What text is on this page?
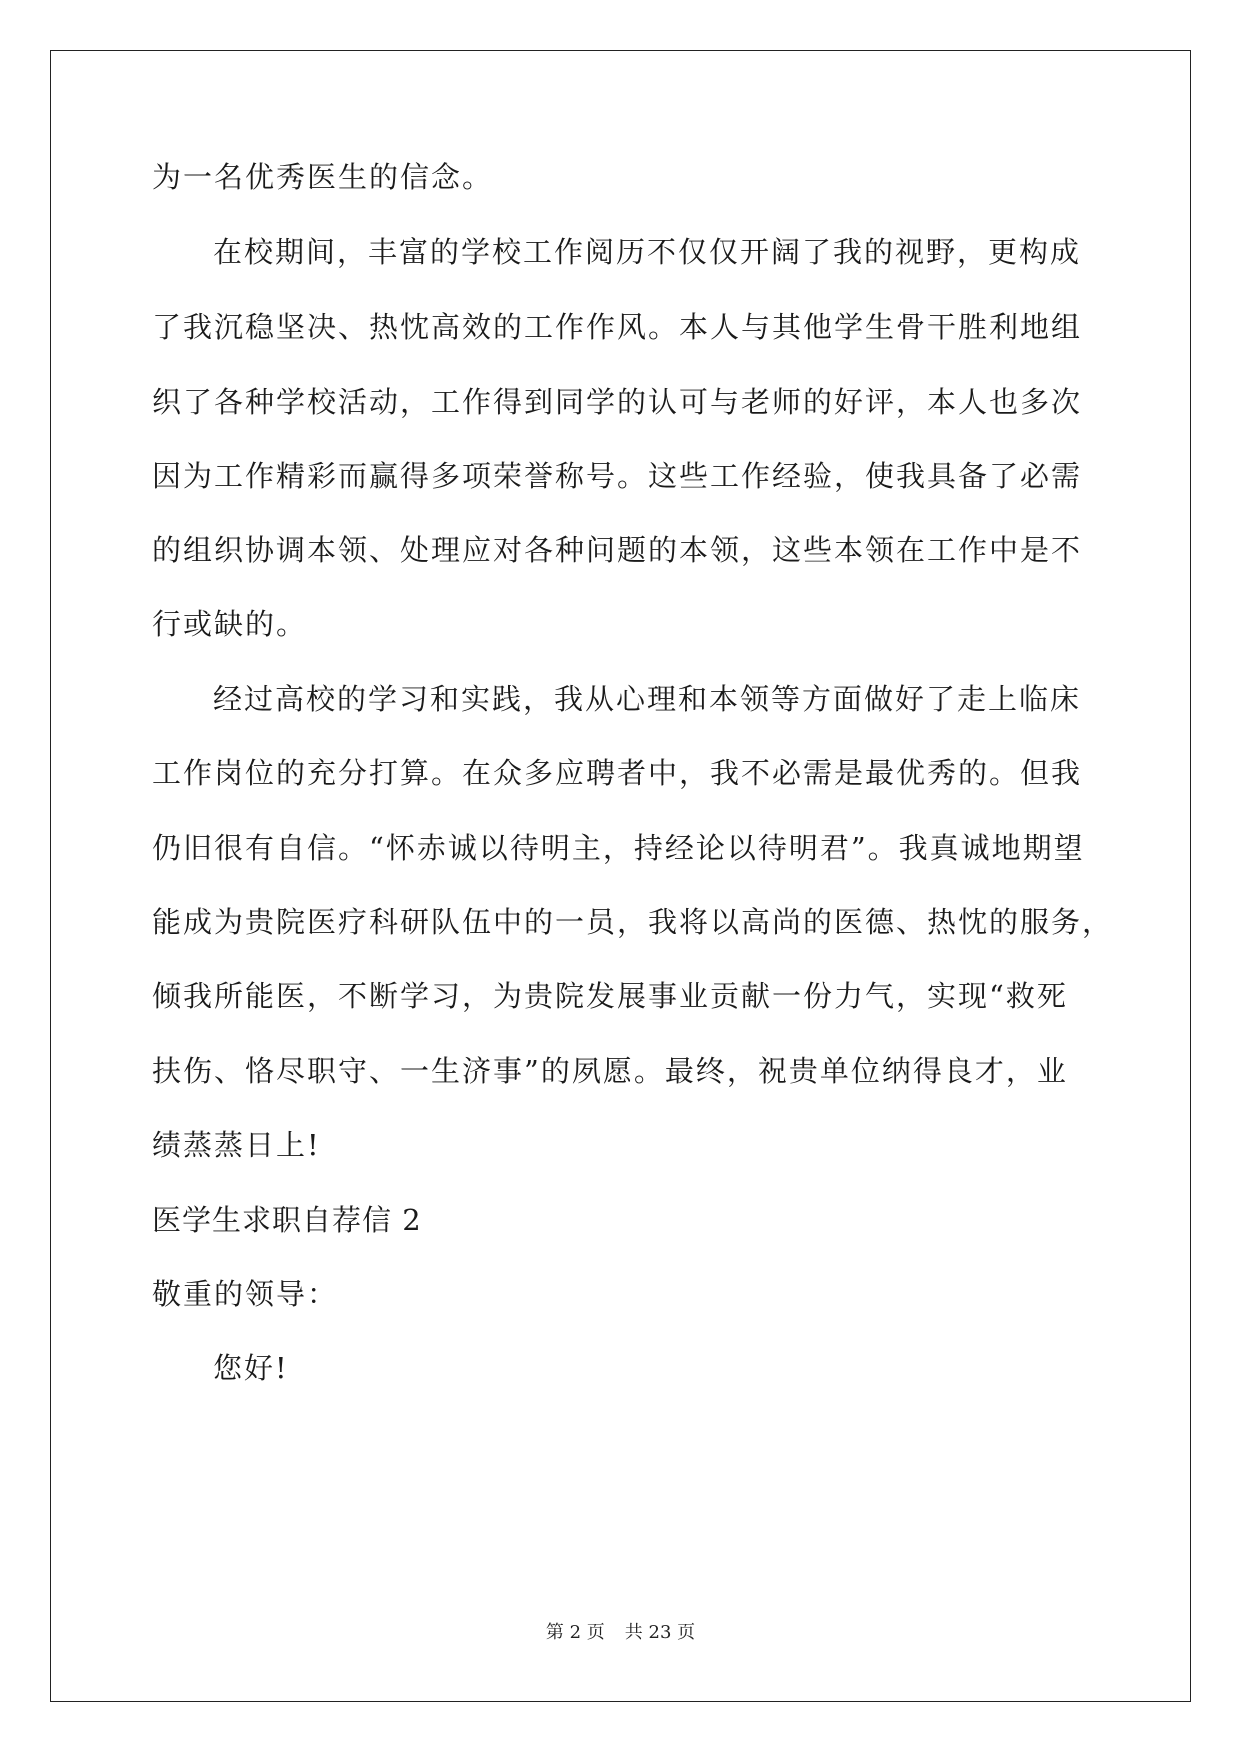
为一名优秀医生的信念。
在校期间，丰富的学校工作阅历不仅仅开阔了我的视野，更构成
了我沉稳坚决、热忱高效的工作作风。本人与其他学生骨干胜利地组
织了各种学校活动，工作得到同学的认可与老师的好评，本人也多次
因为工作精彩而赢得多项荣誉称号。这些工作经验，使我具备了必需
的组织协调本领、处理应对各种问题的本领，这些本领在工作中是不
行或缺的。
经过高校的学习和实践，我从心理和本领等方面做好了走上临床
工作岗位的充分打算。在众多应聘者中，我不必需是最优秀的。但我
仍旧很有自信。“怀赤诚以待明主，持经论以待明君”。我真诚地期望
能成为贵院医疗科研队伍中的一员，我将以高尚的医德、热忱的服务，
倾我所能医，不断学习，为贵院发展事业贡献一份力气，实现“救死
扶伤、恪尽职守、一生济事”的夙愿。最终，祝贵单位纳得良才，业
绩蒸蒸日上!
医学生求职自荐信 2
敬重的领导：
您好!
第 2 页 共 23 页
